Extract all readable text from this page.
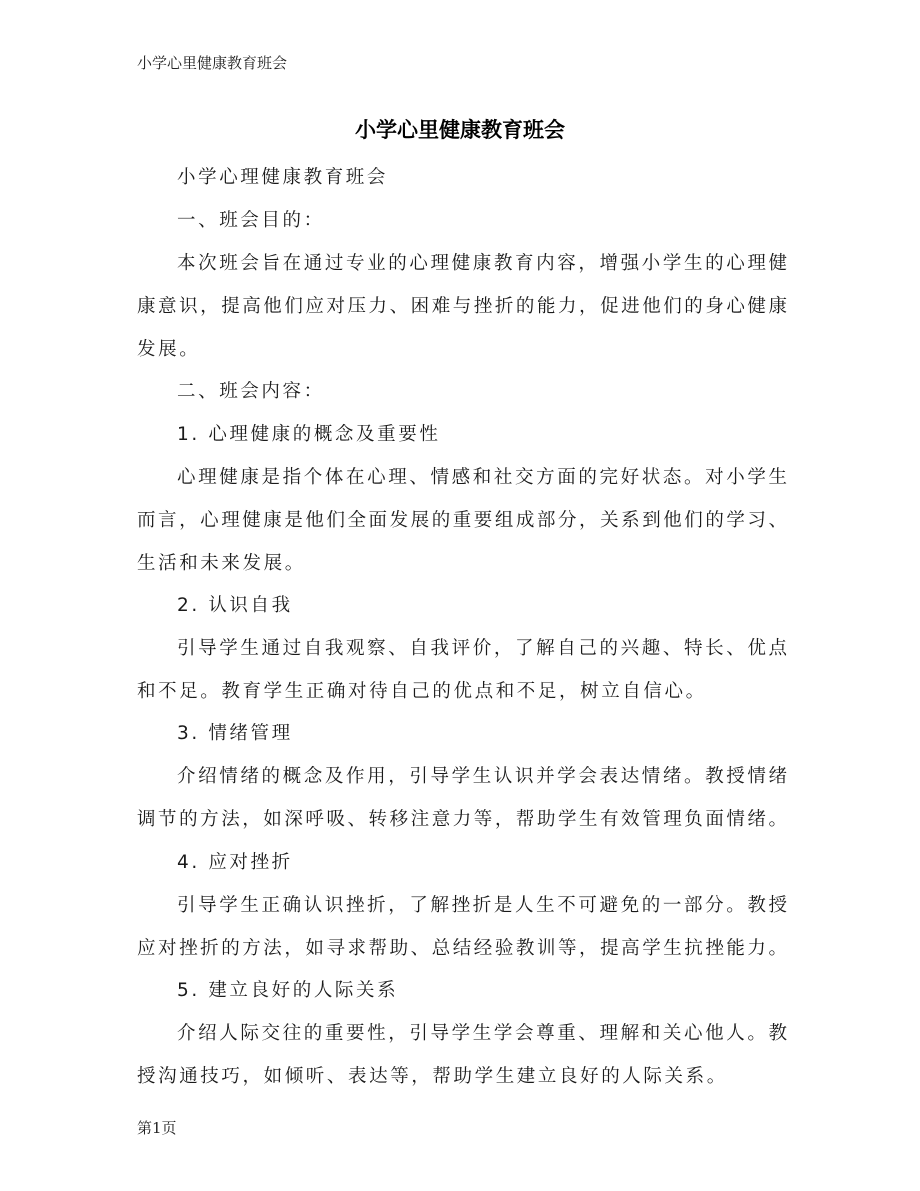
小学心里健康教育班会
小学心里健康教育班会
小学心理健康教育班会
一、班会目的：
本次班会旨在通过专业的心理健康教育内容，增强小学生的心理健
康意识，提高他们应对压力、困难与挫折的能力，促进他们的身心健康
发展。
二、班会内容：
1. 心理健康的概念及重要性
心理健康是指个体在心理、情感和社交方面的完好状态。对小学生
而言，心理健康是他们全面发展的重要组成部分，关系到他们的学习、
生活和未来发展。
2. 认识自我
引导学生通过自我观察、自我评价，了解自己的兴趣、特长、优点
和不足。教育学生正确对待自己的优点和不足，树立自信心。
3. 情绪管理
介绍情绪的概念及作用，引导学生认识并学会表达情绪。教授情绪
调节的方法，如深呼吸、转移注意力等，帮助学生有效管理负面情绪。
4. 应对挫折
引导学生正确认识挫折，了解挫折是人生不可避免的一部分。教授
应对挫折的方法，如寻求帮助、总结经验教训等，提高学生抗挫能力。
5. 建立良好的人际关系
介绍人际交往的重要性，引导学生学会尊重、理解和关心他人。教
授沟通技巧，如倾听、表达等，帮助学生建立良好的人际关系。
第1页
